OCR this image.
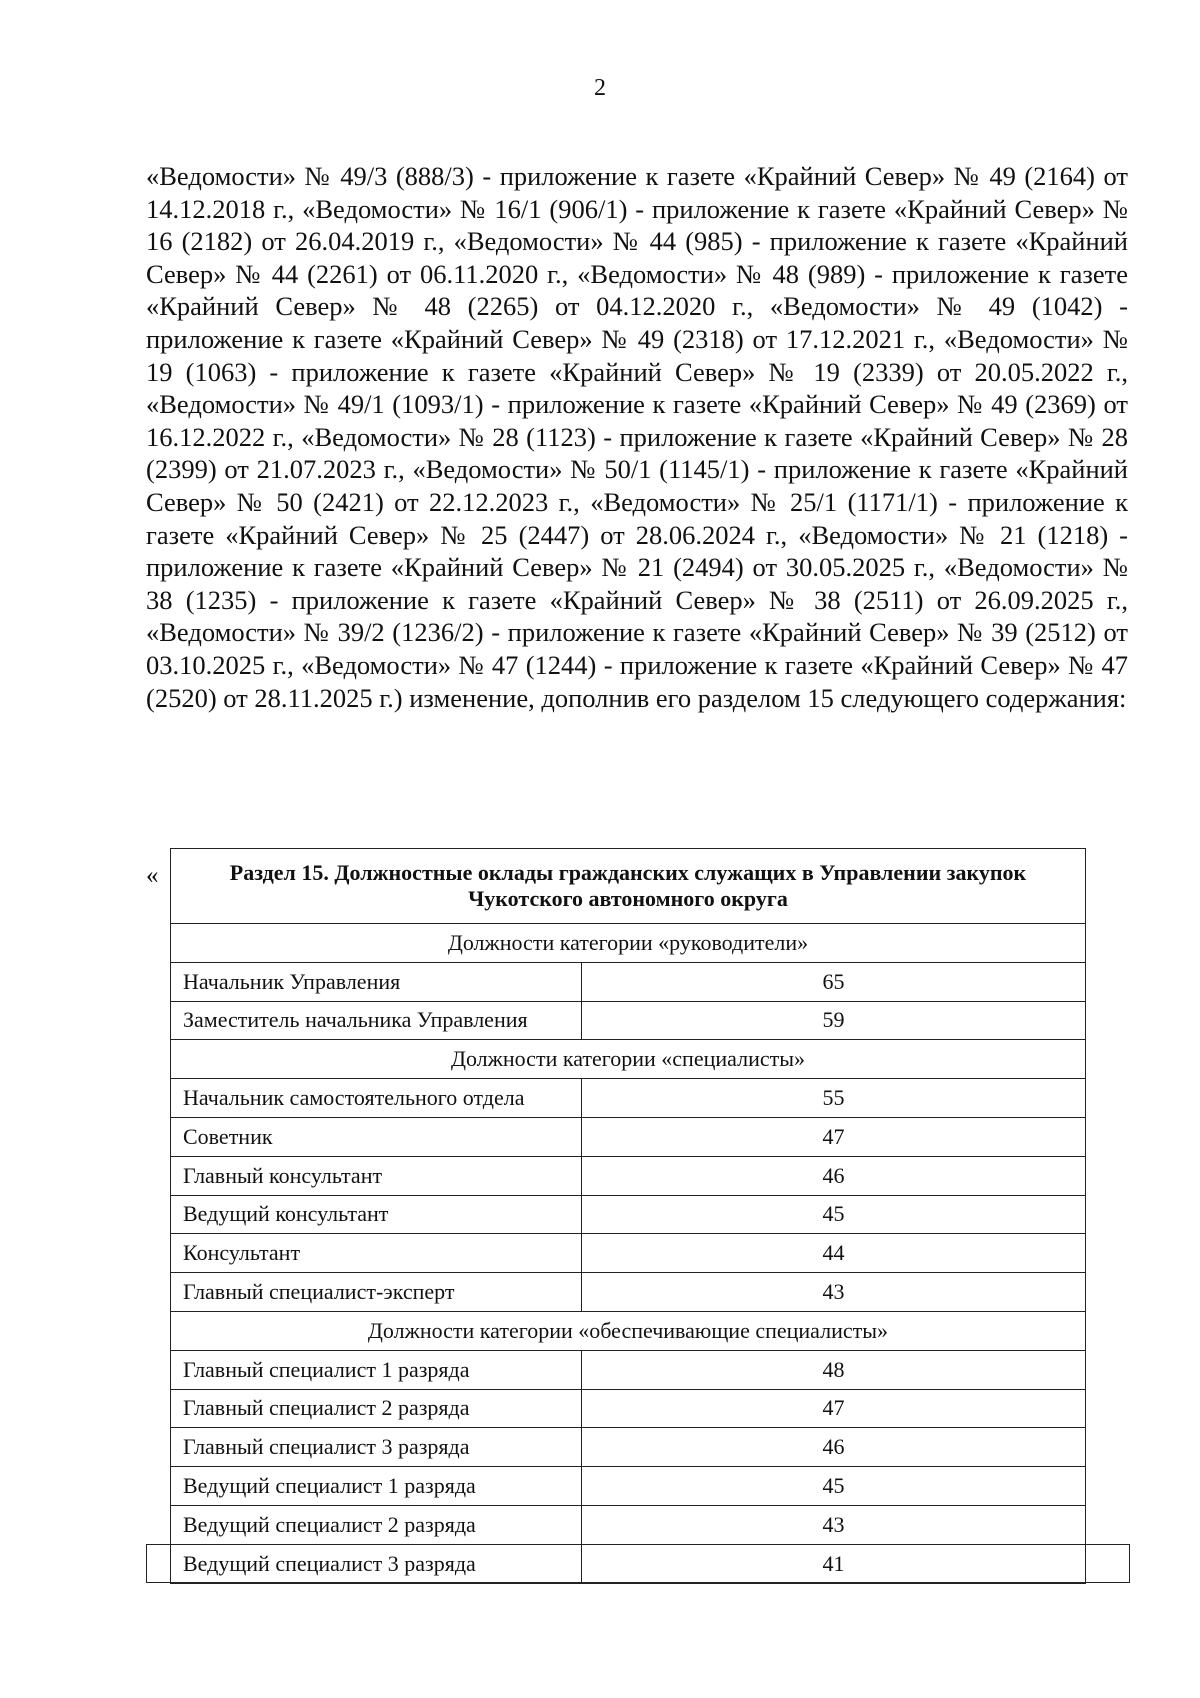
2

«Ведомости» № 49/3 (888/3) - приложение к газете «Крайний Север» № 49 (2164) от 14.12.2018 г., «Ведомости» № 16/1 (906/1) - приложение к газете «Крайний Север» № 16 (2182) от 26.04.2019 г., «Ведомости» № 44 (985) - приложение к газете «Крайний Север» № 44 (2261) от 06.11.2020 г., «Ведомости» № 48 (989) - приложение к газете «Крайний Север» № 48 (2265) от 04.12.2020 г., «Ведомости» № 49 (1042) - приложение к газете «Крайний Север» № 49 (2318) от 17.12.2021 г., «Ведомости» № 19 (1063) - приложение к газете «Крайний Север» № 19 (2339) от 20.05.2022 г., «Ведомости» № 49/1 (1093/1) - приложение к газете «Крайний Север» № 49 (2369) от 16.12.2022 г., «Ведомости» № 28 (1123) - приложение к газете «Крайний Север» № 28 (2399) от 21.07.2023 г., «Ведомости» № 50/1 (1145/1) - приложение к газете «Крайний Север» № 50 (2421) от 22.12.2023 г., «Ведомости» № 25/1 (1171/1) - приложение к газете «Крайний Север» № 25 (2447) от 28.06.2024 г., «Ведомости» № 21 (1218) - приложение к газете «Крайний Север» № 21 (2494) от 30.05.2025 г., «Ведомости» № 38 (1235) - приложение к газете «Крайний Север» № 38 (2511) от 26.09.2025 г., «Ведомости» № 39/2 (1236/2) - приложение к газете «Крайний Север» № 39 (2512) от 03.10.2025 г., «Ведомости» № 47 (1244) - приложение к газете «Крайний Север» № 47 (2520) от 28.11.2025 г.) изменение, дополнив его разделом 15 следующего содержания:

«	Раздел 15. Должностные оклады гражданских служащих в Управлении закупок
Чукотского автономного округа	

Должности категории «руководители»	
Начальник Управления	65
Заместитель начальника Управления	59
Должности категории «специалисты»	
Начальник самостоятельного отдела	55
Советник	47
Главный консультант	46
Ведущий консультант	45
Консультант	44
Главный специалист-эксперт	43
Должности категории «обеспечивающие специалисты»	
Главный специалист 1 разряда	48
Главный специалист 2 разряда	47
Главный специалист 3 разряда	46
Ведущий специалист 1 разряда	45
Ведущий специалист 2 разряда	43
Ведущий специалист 3 разряда	41
